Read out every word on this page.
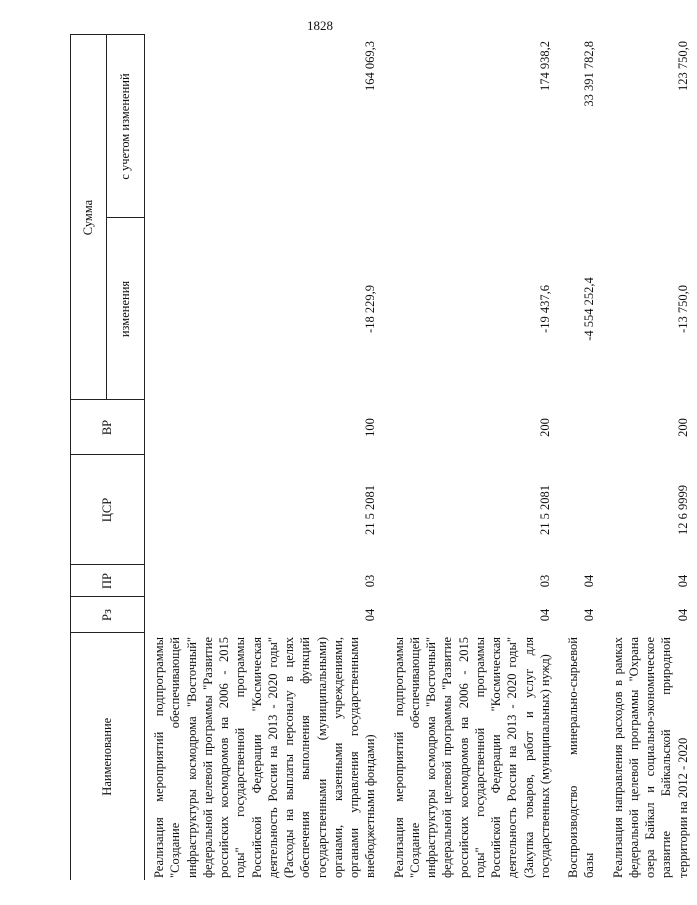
1828
Наименование	Рз	ПР	ЦСР	ВР	Сумма	
					изменения	с учетом изменений
Реализация мероприятий подпрограммы "Создание обеспечивающей инфраструктуры космодрома "Восточный" федеральной целевой программы "Развитие российских космодромов на 2006 - 2015 годы" государственной программы Российской Федерации "Космическая деятельность России на 2013 - 2020 годы" (Расходы на выплаты персоналу в целях обеспечения выполнения функций государственными (муниципальными) органами, казенными учреждениями, органами управления государственными внебюджетными фондами)	04	03	21 5 2081	100	-18 229,9	164 069,3
Реализация мероприятий подпрограммы "Создание обеспечивающей инфраструктуры космодрома "Восточный" федеральной целевой программы "Развитие российских космодромов на 2006 - 2015 годы" государственной программы Российской Федерации "Космическая деятельность России на 2013 - 2020 годы" (Закупка товаров, работ и услуг для государственных (муниципальных) нужд)	04	03	21 5 2081	200	-19 437,6	174 938,2
Воспроизводство минерально-сырьевой базы	04	04			-4 554 252,4	33 391 782,8
Реализация направления расходов в рамках федеральной целевой программы "Охрана озера Байкал и социально-экономическое развитие Байкальской природной территории на 2012 - 2020	04	04	12 6 9999	200	-13 750,0	123 750,0
